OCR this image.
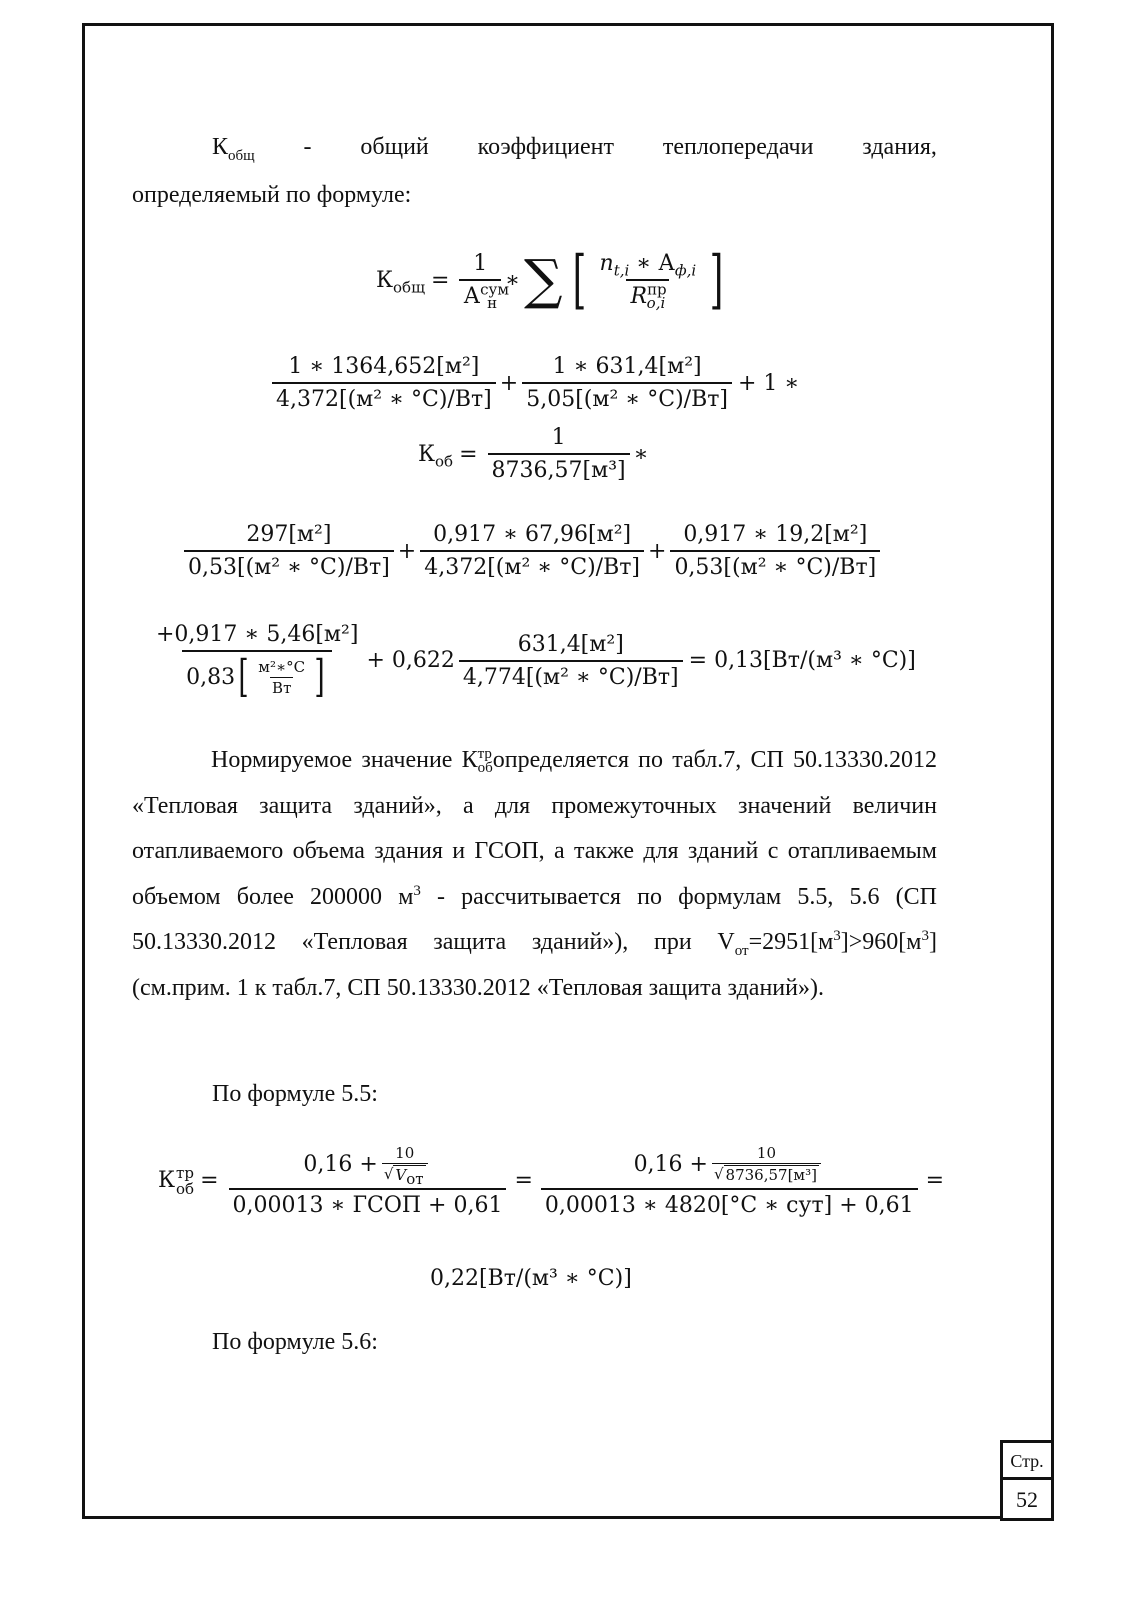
$К_{общ}$ - общий коэффициент теплопередачи здания,
определяемый по формуле:
$К_{общ} = \frac{1}{А^{сум}_н}$ ∗ ∑ [ $\frac{n_{t,i} ∗ А_{ф,i}}{R^{пр}_{o,i}}$ ]
$\frac{\text{1 ∗ 1364,652[м²]}}{\text{4,372[(м² ∗ °C)/Вт]}} + \frac{\text{1 ∗ 631,4[м²]}}{\text{5,05[(м² ∗ °C)/Вт]}} + 1$ ∗
$К_{об} = \frac{1}{\text{8736,57[м³]}}$ ∗
$\frac{\text{297[м²]}}{\text{0,53[(м² ∗ °C)/Вт]}} + \frac{\text{0,917 ∗ 67,96[м²]}}{\text{4,372[(м² ∗ °C)/Вт]}} + \frac{\text{0,917 ∗ 19,2[м²]}}{\text{0,53[(м² ∗ °C)/Вт]}}$
$\frac{\text{+0,917 ∗ 5,46[м²]}}{0,83 [ \frac{\text{м²∗°C}}{Вт} ]} + 0,622 \frac{\text{631,4[м²]}}{\text{4,774[(м² ∗ °C)/Вт]}} = 0,13[Вт/(м^3$ ∗ °C)]
Нормируемое значение К тр
об определяется по табл.7, СП 50.13330.2012 «Тепловая защита зданий», а для промежуточных значений величин отапливаемого объема здания и ГСОП, а также для зданий с отапливаемым объемом более 200000 $м^3$ - рассчитывается по формулам 5.5, 5.6 (СП 50.13330.2012 «Тепловая защита зданий»), при $V_{от}=2951[м^3]>960[м^3]$ (см.прим. 1 к табл.7, СП 50.13330.2012 «Тепловая защита зданий»).
По формуле 5.5:
К тр
об = $\frac{0,16 + \frac{10}{√ V_{от}}}{\text{0,00013 ∗ ГСОП + 0,61}} = \frac{0,16 + \frac{10}{\text{√ 8736,57[м³]}}}{\text{0,00013 ∗ 4820[°C ∗ сут] + 0,61}}$ =
0,22[Вт/(м³ ∗ °C)]
По формуле 5.6:
Стр.
52
